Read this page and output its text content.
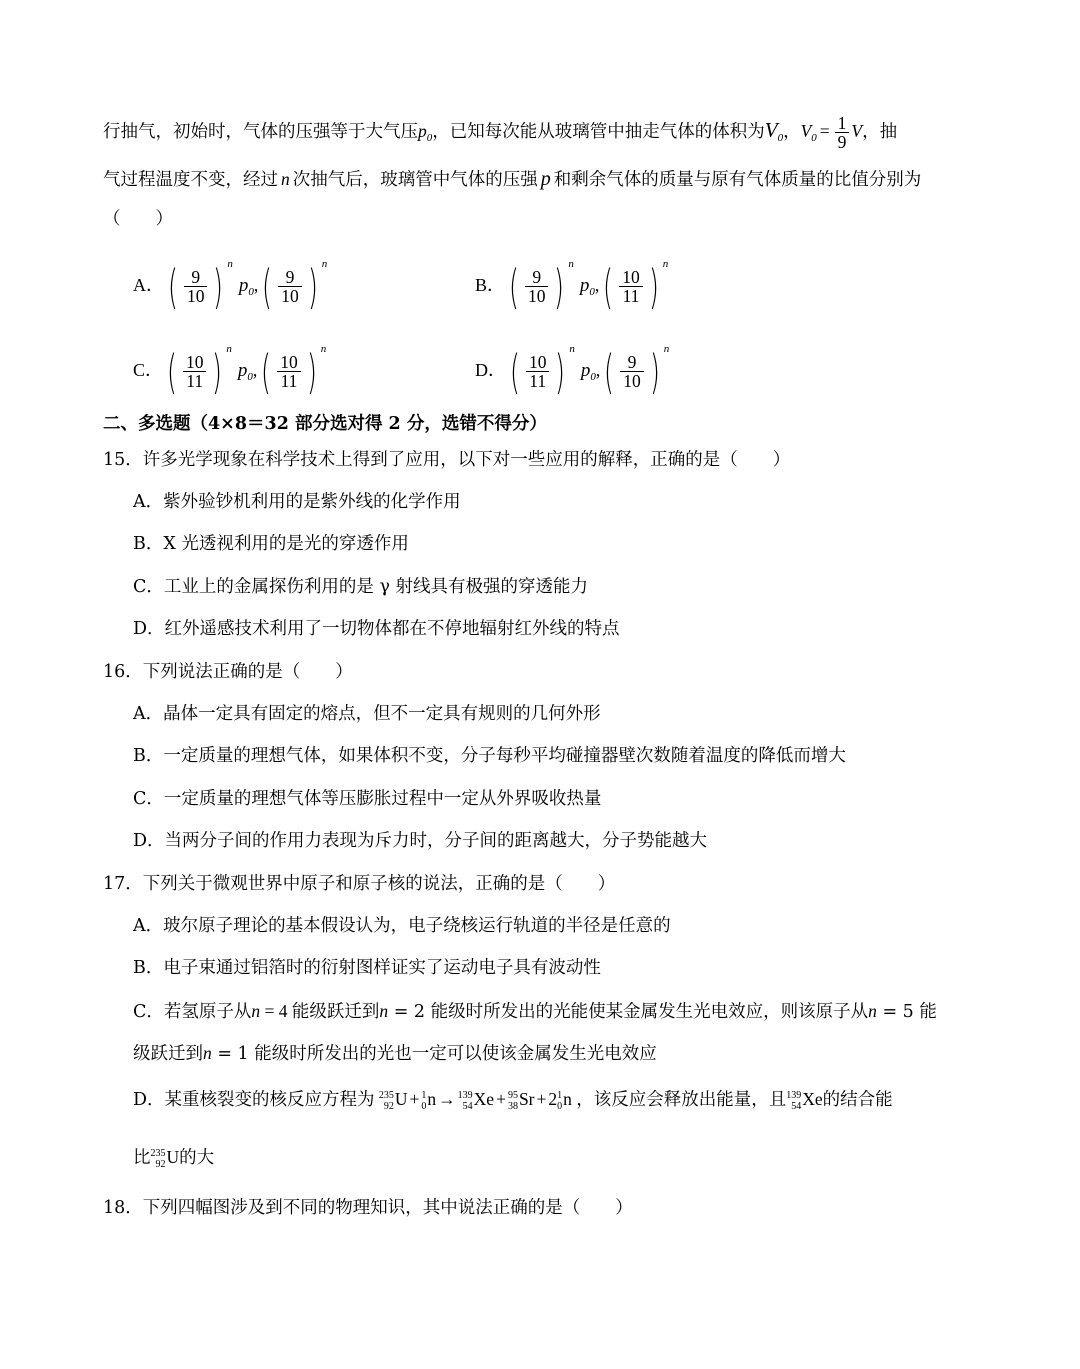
行抽气，初始时，气体的压强等于大气压$p_0$，已知每次能从玻璃管中抽走气体的体积为$V_0$，$V_0 = \frac{1}{9}$ V，抽
气过程温度不变，经过 n 次抽气后，玻璃管中气体的压强 p 和剩余气体的质量与原有气体质量的比值分别为
（　　）
A．( $\frac{9}{10}$ ) $^np_0,( \frac{9}{10}$ ) $^n$
B．( $\frac{9}{10}$ ) $^np_0,( \frac{10}{11}$ ) $^n$
C．( $\frac{10}{11}$ ) $^np_0,( \frac{10}{11}$ ) $^n$
D．( $\frac{10}{11}$ ) $^np_0,( \frac{9}{10}$ ) $^n$
二、多选题（4×8＝32 部分选对得 2 分，选错不得分）
15．许多光学现象在科学技术上得到了应用，以下对一些应用的解释，正确的是（　　）
A．紫外验钞机利用的是紫外线的化学作用
B．X 光透视利用的是光的穿透作用
C．工业上的金属探伤利用的是 γ 射线具有极强的穿透能力
D．红外遥感技术利用了一切物体都在不停地辐射红外线的特点
16．下列说法正确的是（　　）
A．晶体一定具有固定的熔点，但不一定具有规则的几何外形
B．一定质量的理想气体，如果体积不变，分子每秒平均碰撞器壁次数随着温度的降低而增大
C．一定质量的理想气体等压膨胀过程中一定从外界吸收热量
D．当两分子间的作用力表现为斥力时，分子间的距离越大，分子势能越大
17．下列关于微观世界中原子和原子核的说法，正确的是（　　）
A．玻尔原子理论的基本假设认为，电子绕核运行轨道的半径是任意的
B．电子束通过铝箔时的衍射图样证实了运动电子具有波动性
C．若氢原子从n = 4 能级跃迁到n = 2 能级时所发出的光能使某金属发生光电效应，则该原子从n = 5 能
级跃迁到n = 1 能级时所发出的光也一定可以使该金属发生光电效应
D．某重核裂变的核反应方程为 235
92 U + 1
0 n → 139
54 Xe + 95
38 Sr + 2 1
0 n ，该反应会释放出能量，且 139
54 Xe的结合能
比 235
92 U的大
18．下列四幅图涉及到不同的物理知识，其中说法正确的是（　　）
